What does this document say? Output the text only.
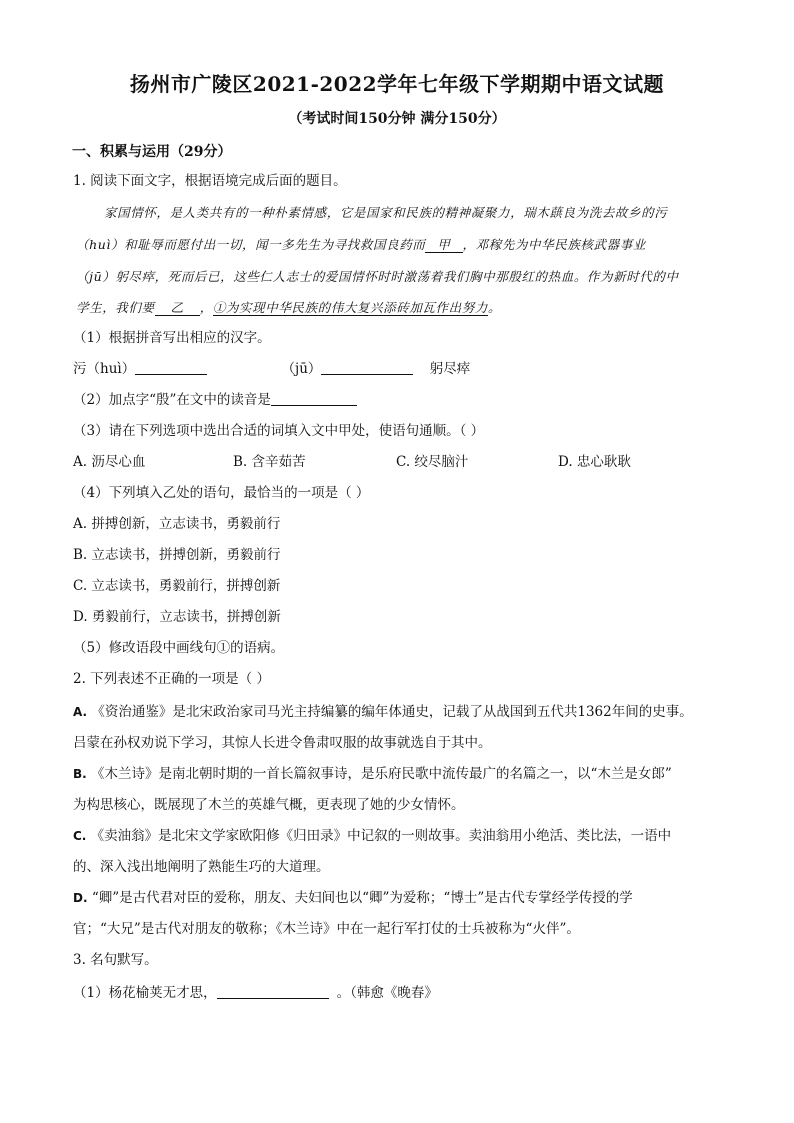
扬州市广陵区2021-2022学年七年级下学期期中语文试题
（考试时间150分钟 满分150分）
一、积累与运用（29分）
1. 阅读下面文字，根据语境完成后面的题目。
家国情怀，是人类共有的一种朴素情感，它是国家和民族的精神凝聚力，瑞木蕻良为洗去故乡的污
（huì）和耻辱而愿付出一切，闻一多先生为寻找救国良药而 甲 ，邓稼先为中华民族核武器事业
（jū）躬尽瘁，死而后已，这些仁人志士的爱国情怀时时激荡着我们胸中那殷红的热血。作为新时代的中
学生，我们要 乙 ，①为实现中华民族的伟大复兴添砖加瓦作出努力。
（1）根据拼音写出相应的汉字。
污（huì）	（jū）	躬尽瘁
（2）加点字“殷”在文中的读音是
（3）请在下列选项中选出合适的词填入文中甲处，使语句通顺。（ ）
A. 沥尽心血	B. 含辛茹苦	C. 绞尽脑汁	D. 忠心耿耿
（4）下列填入乙处的语句，最恰当的一项是（ ）
A. 拼搏创新，立志读书，勇毅前行
B. 立志读书，拼搏创新，勇毅前行
C. 立志读书，勇毅前行，拼搏创新
D. 勇毅前行，立志读书，拼搏创新
（5）修改语段中画线句①的语病。
2. 下列表述不正确的一项是（ ）
A. 《资治通鉴》是北宋政治家司马光主持编纂的编年体通史，记载了从战国到五代共1362年间的史事。
吕蒙在孙权劝说下学习，其惊人长进令鲁肃叹服的故事就选自于其中。
B. 《木兰诗》是南北朝时期的一首长篇叙事诗，是乐府民歌中流传最广的名篇之一，以“木兰是女郎”
为构思核心，既展现了木兰的英雄气概，更表现了她的少女情怀。
C. 《卖油翁》是北宋文学家欧阳修《归田录》中记叙的一则故事。卖油翁用小绝活、类比法，一语中
的、深入浅出地阐明了熟能生巧的大道理。
D. “卿”是古代君对臣的爱称，朋友、夫妇间也以“卿”为爱称；“博士”是古代专掌经学传授的学
官；“大兄”是古代对朋友的敬称；《木兰诗》中在一起行军打仗的士兵被称为“火伴”。
3. 名句默写。
（1）杨花榆荚无才思，	。（韩愈《晚春》
